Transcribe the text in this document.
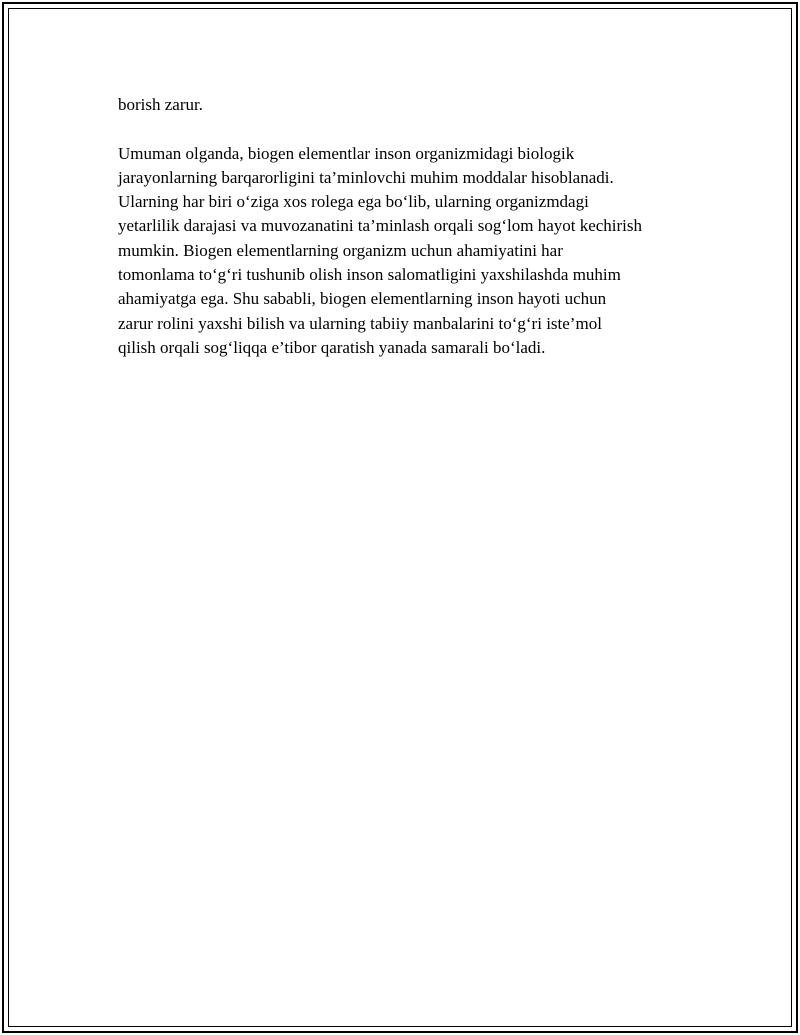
borish zarur.

Umuman olganda, biogen elementlar inson organizmidagi biologik
jarayonlarning barqarorligini ta’minlovchi muhim moddalar hisoblanadi.
Ularning har biri o‘ziga xos rolega ega bo‘lib, ularning organizmdagi
yetarlilik darajasi va muvozanatini ta’minlash orqali sog‘lom hayot kechirish
mumkin. Biogen elementlarning organizm uchun ahamiyatini har
tomonlama to‘g‘ri tushunib olish inson salomatligini yaxshilashda muhim
ahamiyatga ega. Shu sababli, biogen elementlarning inson hayoti uchun
zarur rolini yaxshi bilish va ularning tabiiy manbalarini to‘g‘ri iste’mol
qilish orqali sog‘liqqa e’tibor qaratish yanada samarali bo‘ladi.
